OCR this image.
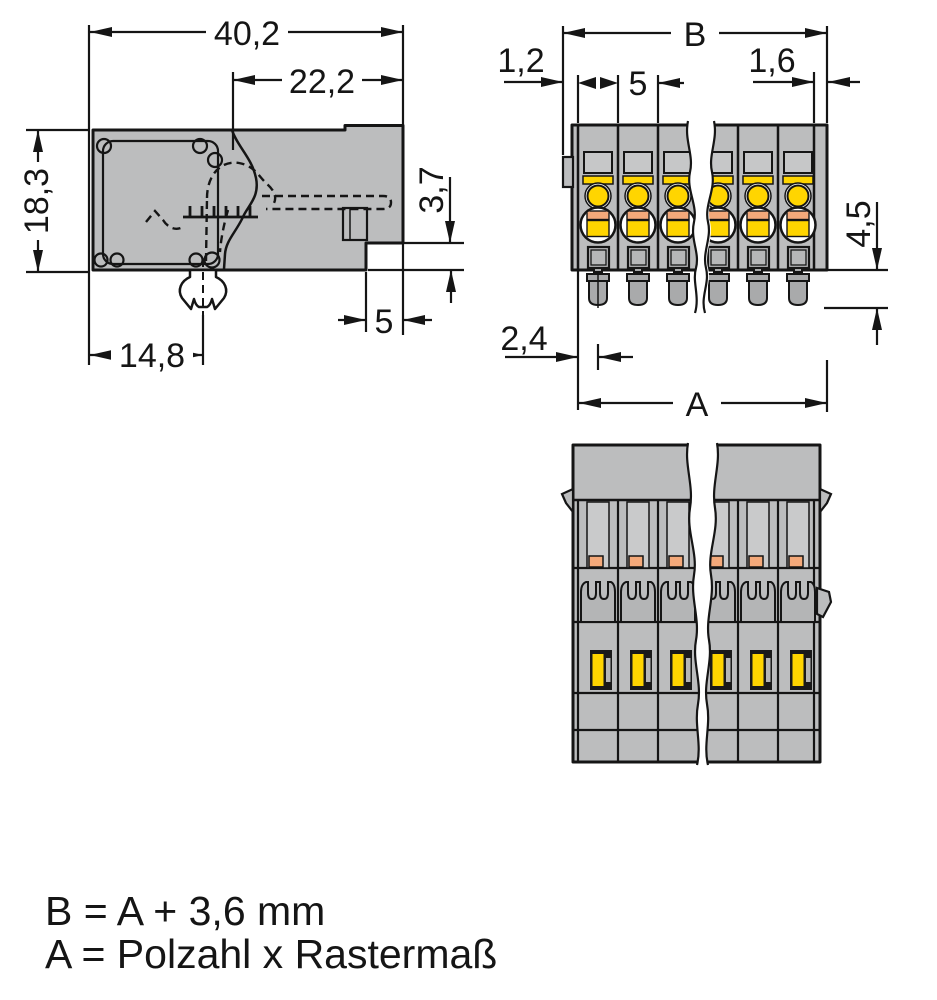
40,2
22,2
18,3	3,7
5
14,8
B
1,2
5
1,6
4,5
2,4
A
B = A + 3,6 mm
A = Polzahl x Rastermaß
